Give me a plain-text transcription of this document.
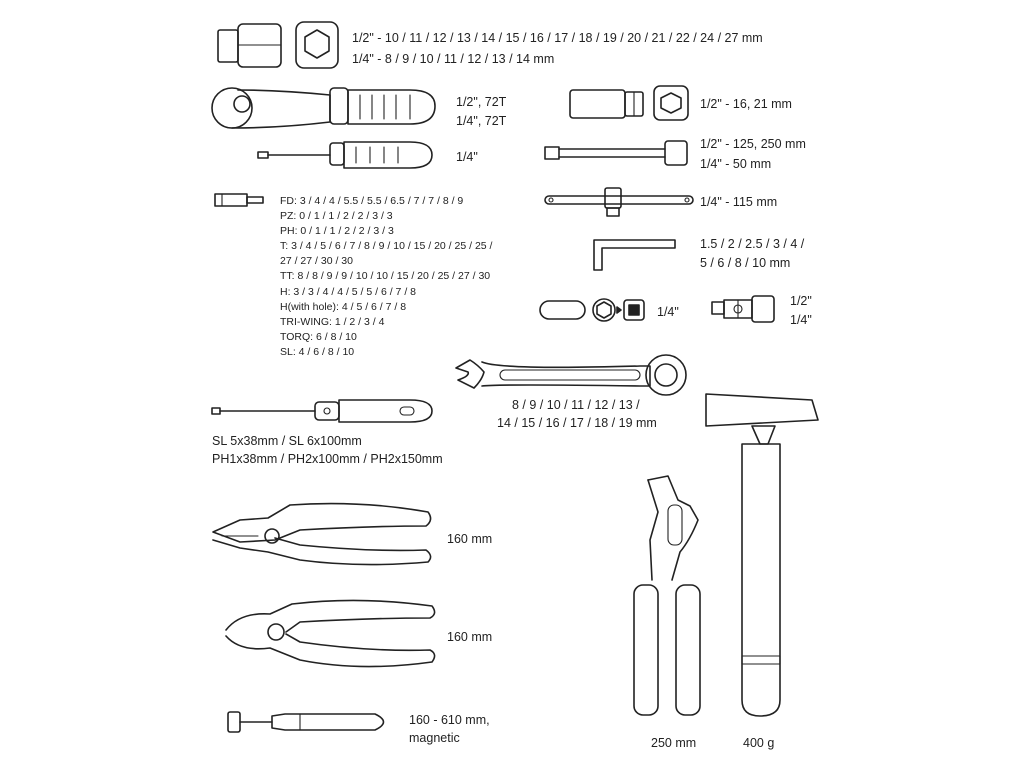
1/2" - 10 / 11 / 12 / 13 / 14 / 15 / 16 / 17 / 18 / 19 / 20 / 21 / 22 / 24 / 27 mm
1/4" - 8 / 9 / 10 / 11 / 12 / 13 / 14 mm
1/2", 72T
1/4", 72T
1/4"
1/2" - 16, 21 mm
1/2" - 125, 250 mm
1/4" - 50 mm
1/4" - 115 mm
1.5 / 2 / 2.5 / 3 / 4 /
5 / 6 / 8 / 10 mm
1/4"
1/2"
1/4"
FD: 3 / 4 / 4 / 5.5 / 5.5 / 6.5 / 7 / 7 / 8 / 9
PZ: 0 / 1 / 1 / 2 / 2 / 3 / 3
PH: 0 / 1 / 1 / 2 / 2 / 3 / 3
T: 3 / 4 / 5 / 6 / 7 / 8 / 9 / 10 / 15 / 20 / 25 / 25 /
27 / 27 / 30 / 30
TT: 8 / 8 / 9 / 9 / 10 / 10 / 15 / 20 / 25 / 27 / 30
H: 3 / 3 / 4 / 4 / 5 / 5 / 6 / 7 / 8
H(with hole): 4 / 5 / 6 / 7 / 8
TRI-WING: 1 / 2 / 3 / 4
TORQ: 6 / 8 / 10
SL: 4 / 6 / 8 / 10
8 / 9 / 10 / 11 / 12 / 13 /
14 / 15 / 16 / 17 / 18 / 19 mm
SL 5x38mm / SL 6x100mm
PH1x38mm / PH2x100mm / PH2x150mm
160 mm
160 mm
160 - 610 mm,
magnetic	250 mm	400 g
